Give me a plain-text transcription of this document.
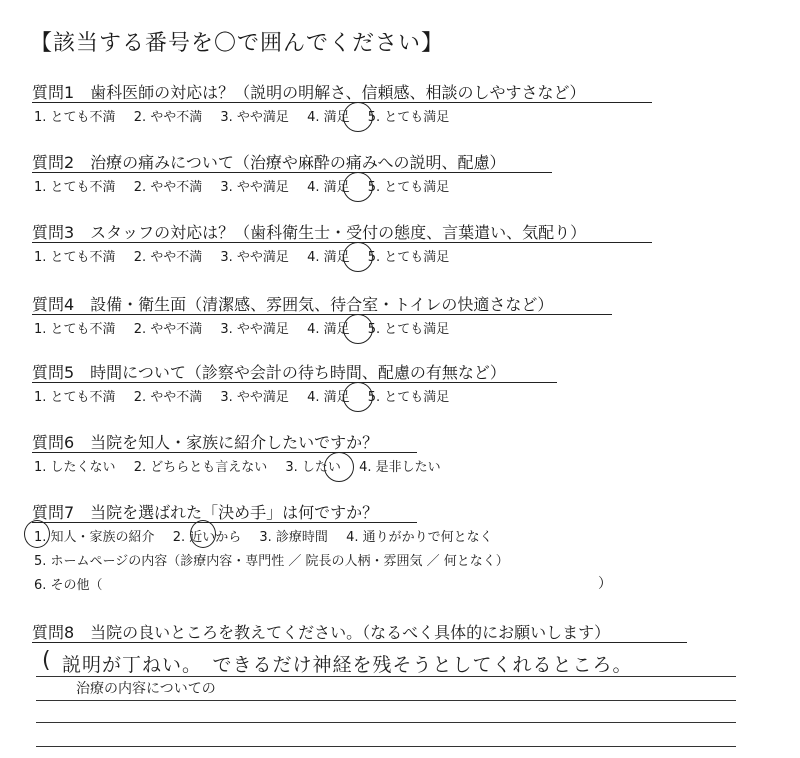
【該当する番号を〇で囲んでください】
質問1　歯科医師の対応は？（説明の明解さ、信頼感、相談のしやすさなど）
1. とても不満 2. やや不満 3. やや満足 4. 満足 5. とても満足
質問2　治療の痛みについて（治療や麻酔の痛みへの説明、配慮）
1. とても不満 2. やや不満 3. やや満足 4. 満足 5. とても満足
質問3　スタッフの対応は？（歯科衛生士・受付の態度、言葉遣い、気配り）
1. とても不満 2. やや不満 3. やや満足 4. 満足 5. とても満足
質問4　設備・衛生面（清潔感、雰囲気、待合室・トイレの快適さなど）
1. とても不満 2. やや不満 3. やや満足 4. 満足 5. とても満足
質問5　時間について（診察や会計の待ち時間、配慮の有無など）
1. とても不満 2. やや不満 3. やや満足 4. 満足 5. とても満足
質問6　当院を知人・家族に紹介したいですか？
1. したくない 2. どちらとも言えない 3. したい 4. 是非したい
質問7　当院を選ばれた「決め手」は何ですか？
1. 知人・家族の紹介 2. 近いから 3. 診療時間 4. 通りがかりで何となく
5. ホームページの内容（診療内容・専門性 ／ 院長の人柄・雰囲気 ／ 何となく）
6. その他（	）
質問8　当院の良いところを教えてください。（なるべく具体的にお願いします）
( 説明が丁ねい。　できるだけ神経を残そうとしてくれるところ。
治療の内容についての
